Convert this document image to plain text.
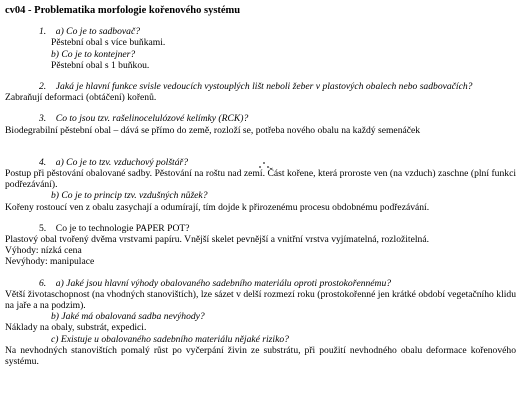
cv04 - Problematika morfologie kořenového systému
1. a) Co je to sadbovač?
Pěstební obal s více buňkami.
b) Co je to kontejner?
Pěstební obal s 1 buňkou.
2. Jaká je hlavní funkce svisle vedoucích vystouplých lišt neboli žeber v plastových obalech nebo sadbovačích?
Zabraňují deformaci (obtáčení) kořenů.
3. Co to jsou tzv. rašelinocelulózové kelímky (RCK)?
Biodegrabilní pěstební obal – dává se přímo do země, rozloží se, potřeba nového obalu na každý semenáček
4. a) Co je to tzv. vzduchový polštář?
Postup při pěstování obalované sadby. Pěstování na roštu nad zemí. Část kořene, která proroste ven (na vzduch) zaschne (plní funkci podřezávání).
b) Co je to princip tzv. vzdušných nůžek?
Kořeny rostoucí ven z obalu zasychají a odumírají, tím dojde k přirozenému procesu obdobnému podřezávání.
5. Co je to technologie PAPER POT?
Plastový obal tvořený dvěma vrstvami papíru. Vnější skelet pevnější a vnitřní vrstva vyjímatelná, rozložitelná.
Výhody: nízká cena
Nevýhody: manipulace
6. a) Jaké jsou hlavní výhody obalovaného sadebního materiálu oproti prostokořennému?
Větší životaschopnost (na vhodných stanovištích), lze sázet v delší rozmezí roku (prostokořenné jen krátké období vegetačního klidu na jaře a na podzim).
b) Jaké má obalovaná sadba nevýhody?
Náklady na obaly, substrát, expedici.
c) Existuje u obalovaného sadebního materiálu nějaké riziko?
Na nevhodných stanovištích pomalý růst po vyčerpání živin ze substrátu, při použití nevhodného obalu deformace kořenového systému.
